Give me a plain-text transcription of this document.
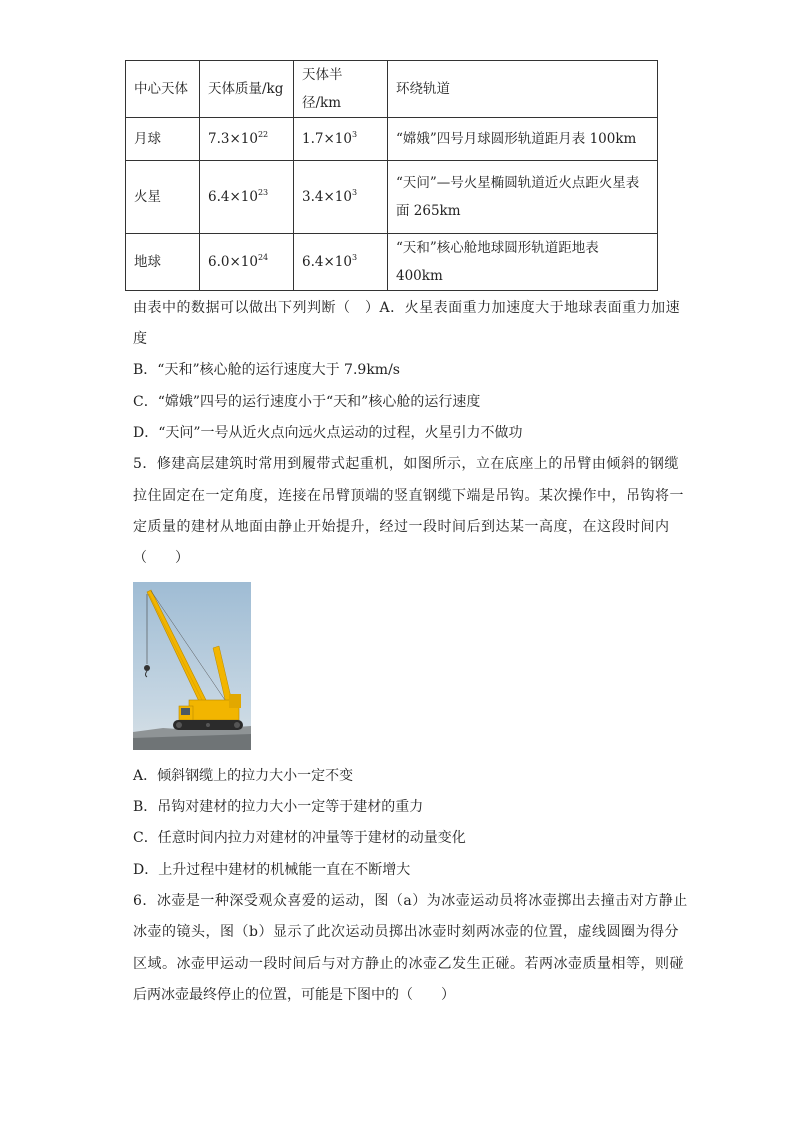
中心天体	天体质量/kg	天体半径/km	环绕轨道
月球	$7.3\times 10^{22}$	$1.7\times 10^3$	“嫦娥”四号月球圆形轨道距月表 100km
火星	$6.4\times 10^{23}$	$3.4\times 10^3$	“天问”—号火星椭圆轨道近火点距火星表
面 265km
地球	$6.0\times 10^{24}$	$6.4\times 10^3$	“天和”核心舱地球圆形轨道距地表 400km
由表中的数据可以做出下列判断（　）A．火星表面重力加速度大于地球表面重力加速
度
B．“天和”核心舱的运行速度大于 7.9km/s
C．“嫦娥”四号的运行速度小于“天和”核心舱的运行速度
D．“天问”一号从近火点向远火点运动的过程，火星引力不做功
5．修建高层建筑时常用到履带式起重机，如图所示，立在底座上的吊臂由倾斜的钢缆
拉住固定在一定角度，连接在吊臂顶端的竖直钢缆下端是吊钩。某次操作中，吊钩将一
定质量的建材从地面由静止开始提升，经过一段时间后到达某一高度，在这段时间内
（　　）
A．倾斜钢缆上的拉力大小一定不变
B．吊钩对建材的拉力大小一定等于建材的重力
C．任意时间内拉力对建材的冲量等于建材的动量变化
D．上升过程中建材的机械能一直在不断增大
6．冰壶是一种深受观众喜爱的运动，图（a）为冰壶运动员将冰壶掷出去撞击对方静止
冰壶的镜头，图（b）显示了此次运动员掷出冰壶时刻两冰壶的位置，虚线圆圈为得分
区域。冰壶甲运动一段时间后与对方静止的冰壶乙发生正碰。若两冰壶质量相等，则碰
后两冰壶最终停止的位置，可能是下图中的（　　）
